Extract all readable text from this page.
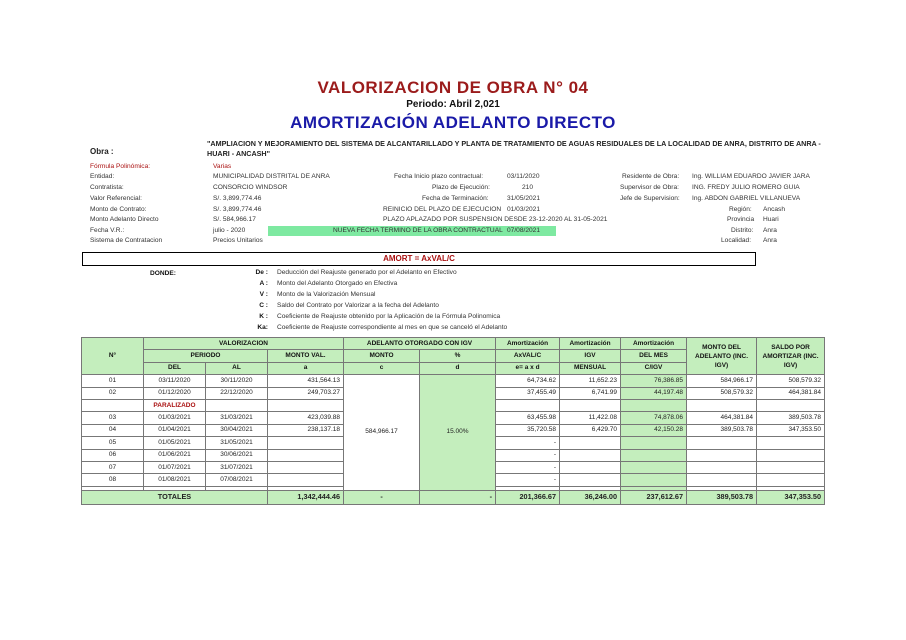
VALORIZACION DE OBRA N° 04
Periodo: Abril 2,021
AMORTIZACIÓN ADELANTO DIRECTO
Obra :
"AMPLIACION Y MEJORAMIENTO DEL SISTEMA DE ALCANTARILLADO Y PLANTA DE TRATAMIENTO DE AGUAS RESIDUALES DE LA LOCALIDAD DE ANRA, DISTRITO DE ANRA - HUARI - ANCASH"
Fórmula Polinómica:	Varias
Entidad:	MUNICIPALIDAD DISTRITAL DE ANRA
Contratista:	CONSORCIO WINDSOR
Valor Referencial:	S/. 3,899,774.46
Monto de Contrato:	S/. 3,899,774.46
Monto Adelanto Directo	S/. 584,966.17
Fecha V.R.:	julio - 2020
Sistema de Contratacion	Precios Unitarios
Fecha Inicio plazo contractual:	03/11/2020
Plazo de Ejecución:	210
Fecha de Terminación:	31/05/2021
REINICIO DEL PLAZO DE EJECUCION 01/03/2021
PLAZO APLAZADO POR SUSPENSION DESDE 23-12-2020 AL 31-05-2021
NUEVA FECHA TERMINO DE LA OBRA CONTRACTUAL 07/08/2021
Residente de Obra: Ing. WILLIAM EDUARDO JAVIER JARA
Supervisor de Obra: ING. FREDY JULIO ROMERO GUIA
Jefe de Supervision: Ing. ABDON GABRIEL VILLANUEVA
Región: Ancash
Provincia Huari
Distrito: Anra
Localidad: Anra
AMORT = AxVAL/C
DONDE:	De : Deducción del Reajuste generado por el Adelanto en Efectivo
A : Monto del Adelanto Otorgado en Efectiva
V : Monto de la Valorización Mensual
C : Saldo del Contrato por Valorizar a la fecha del Adelanto
K : Coeficiente de Reajuste obtenido por la Aplicación de la Fórmula Polinomica
Ka: Coeficiente de Reajuste correspondiente al mes en que se canceló el Adelanto
N°	VALORIZACION			ADELANTO OTORGADO CON IGV		Amortización	Amortización	Amortización	MONTO DEL ADELANTO (INC. IGV)	SALDO POR AMORTIZAR (INC. IGV)
	PERIODO		MONTO VAL.	MONTO	%	AxVAL/C	IGV	DEL MES		
	DEL	AL	a	c	d	e= a x d	MENSUAL	C/IGV		
01	03/11/2020	30/11/2020	431,564.13	584,966.17	15.00%	64,734.62	11,652.23	76,386.85	584,966.17	508,579.32
02	01/12/2020	22/12/2020	249,703.27			37,455.49	6,741.99	44,197.48	508,579.32	464,381.84
	PARALIZADO									
03	01/03/2021	31/03/2021	423,039.88			63,455.98	11,422.08	74,878.06	464,381.84	389,503.78
04	01/04/2021	30/04/2021	238,137.18			35,720.58	6,429.70	42,150.28	389,503.78	347,353.50
05	01/05/2021	31/05/2021				-				
06	01/06/2021	30/06/2021				-				
07	01/07/2021	31/07/2021				-				
08	01/08/2021	07/08/2021				-				

TOTALES			1,342,444.46	-	-	201,366.67	36,246.00	237,612.67	389,503.78	347,353.50
